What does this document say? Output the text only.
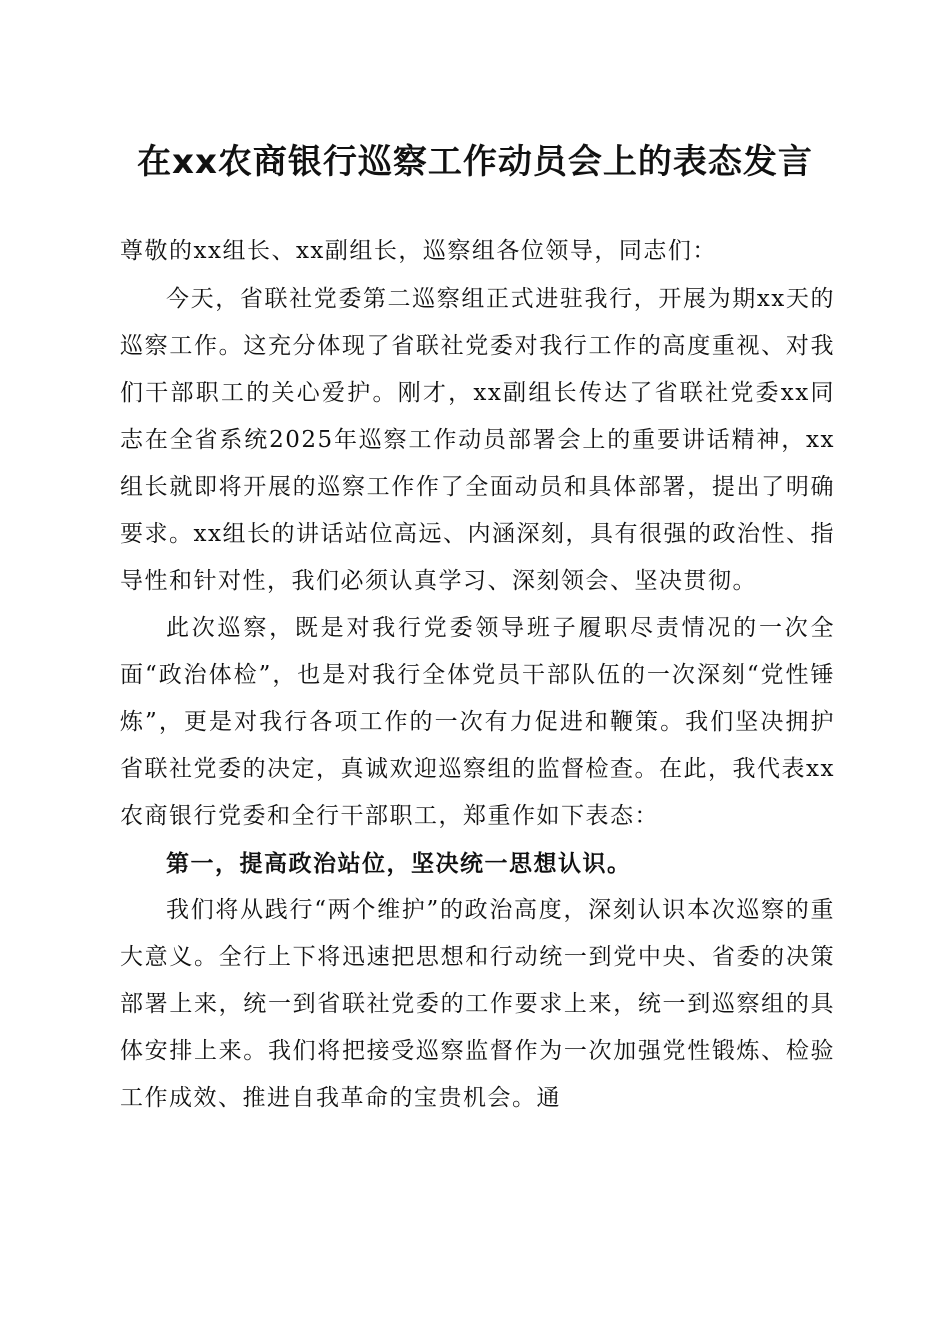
在xx农商银行巡察工作动员会上的表态发言

尊敬的xx组长、xx副组长，巡察组各位领导，同志们：

今天，省联社党委第二巡察组正式进驻我行，开展为期xx天的巡察工作。这充分体现了省联社党委对我行工作的高度重视、对我们干部职工的关心爱护。刚才，xx副组长传达了省联社党委xx同志在全省系统2025年巡察工作动员部署会上的重要讲话精神，xx组长就即将开展的巡察工作作了全面动员和具体部署，提出了明确要求。xx组长的讲话站位高远、内涵深刻，具有很强的政治性、指导性和针对性，我们必须认真学习、深刻领会、坚决贯彻。

此次巡察，既是对我行党委领导班子履职尽责情况的一次全面“政治体检”，也是对我行全体党员干部队伍的一次深刻“党性锤炼”，更是对我行各项工作的一次有力促进和鞭策。我们坚决拥护省联社党委的决定，真诚欢迎巡察组的监督检查。在此，我代表xx农商银行党委和全行干部职工，郑重作如下表态：

第一，提高政治站位，坚决统一思想认识。

我们将从践行“两个维护”的政治高度，深刻认识本次巡察的重大意义。全行上下将迅速把思想和行动统一到党中央、省委的决策部署上来，统一到省联社党委的工作要求上来，统一到巡察组的具体安排上来。我们将把接受巡察监督作为一次加强党性锻炼、检验工作成效、推进自我革命的宝贵机会。通
